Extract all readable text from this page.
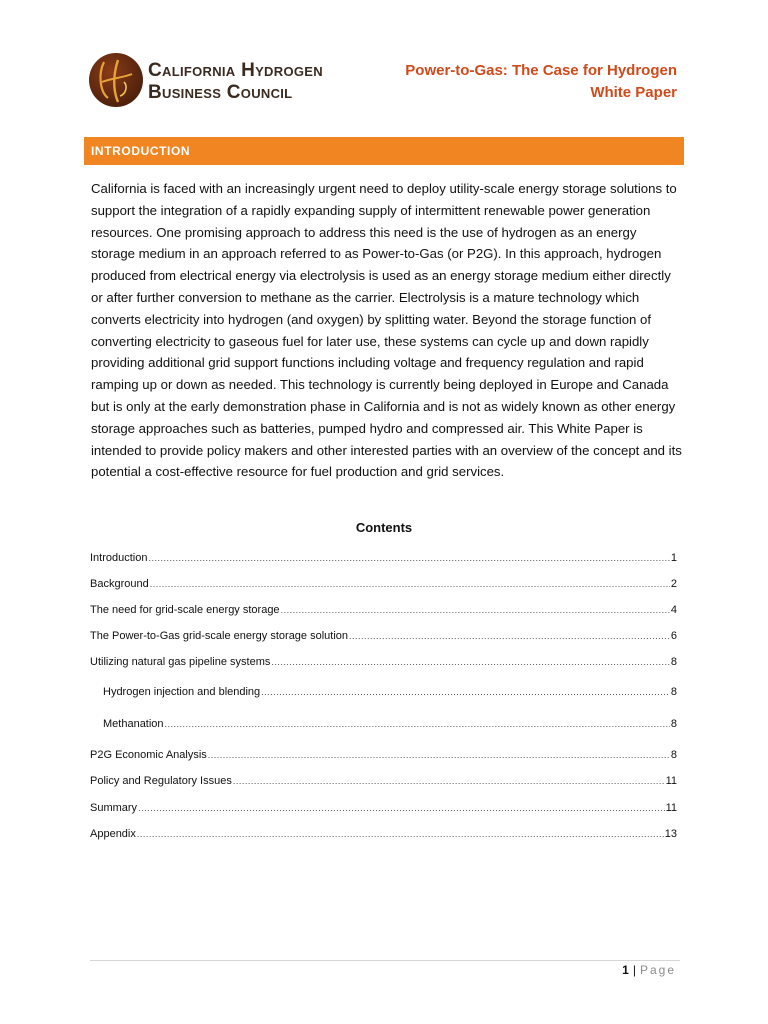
California Hydrogen
Business Council
Power-to-Gas: The Case for Hydrogen
White Paper
INTRODUCTION

California is faced with an increasingly urgent need to deploy utility-scale energy storage solutions to support the integration of a rapidly expanding supply of intermittent renewable power generation resources. One promising approach to address this need is the use of hydrogen as an energy storage medium in an approach referred to as Power-to-Gas (or P2G). In this approach, hydrogen produced from electrical energy via electrolysis is used as an energy storage medium either directly or after further conversion to methane as the carrier. Electrolysis is a mature technology which converts electricity into hydrogen (and oxygen) by splitting water. Beyond the storage function of converting electricity to gaseous fuel for later use, these systems can cycle up and down rapidly providing additional grid support functions including voltage and frequency regulation and rapid ramping up or down as needed. This technology is currently being deployed in Europe and Canada but is only at the early demonstration phase in California and is not as widely known as other energy storage approaches such as batteries, pumped hydro and compressed air. This White Paper is intended to provide policy makers and other interested parties with an overview of the concept and its potential a cost-effective resource for fuel production and grid services.

Contents
Introduction .....	1
Background .....	2
The need for grid-scale energy storage .....	4
The Power-to-Gas grid-scale energy storage solution .....	6
Utilizing natural gas pipeline systems .....	8
Hydrogen injection and blending .....	8
Methanation .....	8
P2G Economic Analysis .....	8
Policy and Regulatory Issues .....	11
Summary .....	11
Appendix .....	13
1 | Page
